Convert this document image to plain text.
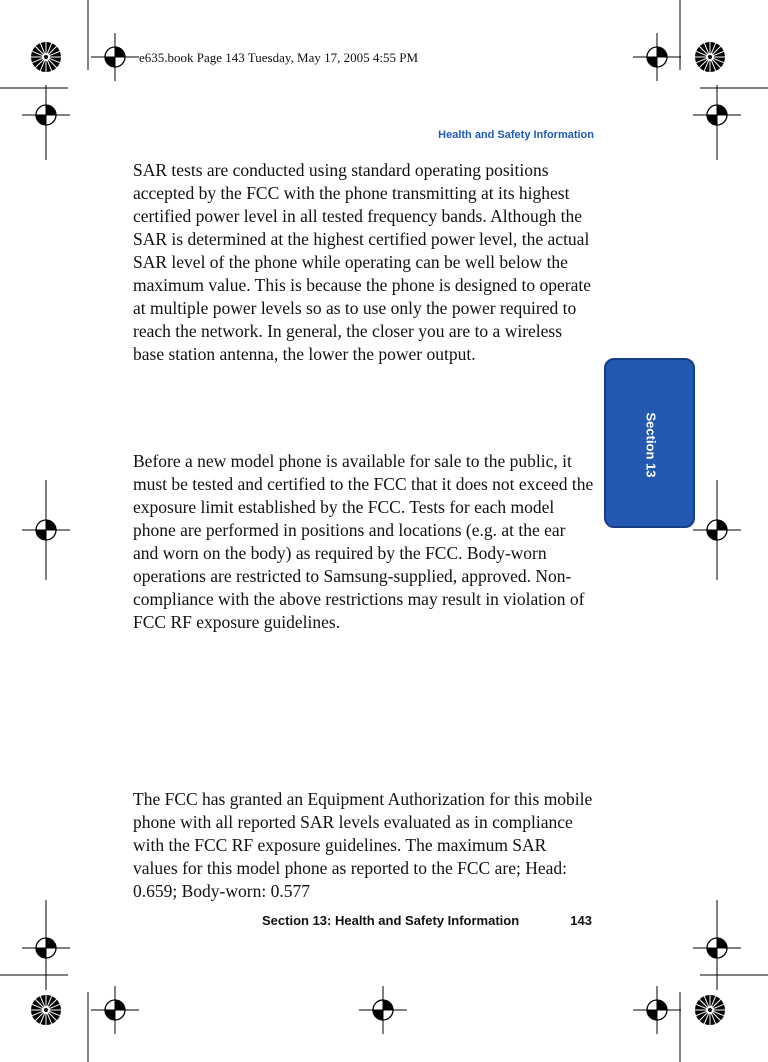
e635.book Page 143 Tuesday, May 17, 2005 4:55 PM
Health and Safety Information
Section 13

SAR tests are conducted using standard operating positions accepted by the FCC with the phone transmitting at its highest certified power level in all tested frequency bands. Although the SAR is determined at the highest certified power level, the actual SAR level of the phone while operating can be well below the maximum value. This is because the phone is designed to operate at multiple power levels so as to use only the power required to reach the network. In general, the closer you are to a wireless base station antenna, the lower the power output.

Before a new model phone is available for sale to the public, it must be tested and certified to the FCC that it does not exceed the exposure limit established by the FCC. Tests for each model phone are performed in positions and locations (e.g. at the ear and worn on the body) as required by the FCC. Body-worn operations are restricted to Samsung-supplied, approved. Non-compliance with the above restrictions may result in violation of FCC RF exposure guidelines.

The FCC has granted an Equipment Authorization for this mobile phone with all reported SAR levels evaluated as in compliance with the FCC RF exposure guidelines. The maximum SAR values for this model phone as reported to the FCC are; Head: 0.659; Body-worn: 0.577

Section 13: Health and Safety Information	143
